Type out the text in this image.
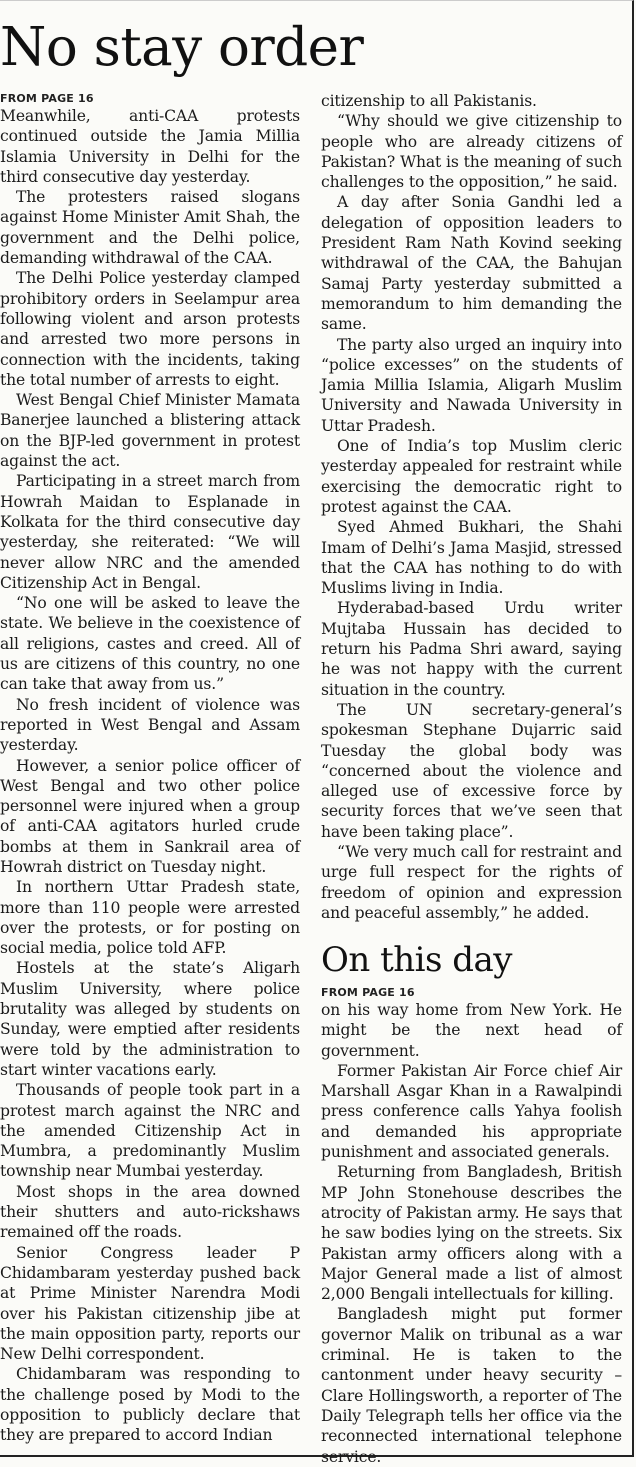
No stay order
FROM PAGE 16

Meanwhile, anti-CAA protests continued outside the Jamia Millia Islamia University in Delhi for the third consecutive day yesterday.

The protesters raised slogans against Home Minister Amit Shah, the government and the Delhi police, demanding withdrawal of the CAA.

The Delhi Police yesterday clamped prohibitory orders in Seelampur area following violent and arson protests and arrested two more persons in connection with the incidents, taking the total number of arrests to eight.

West Bengal Chief Minister Mamata Banerjee launched a blistering attack on the BJP-led government in protest against the act.

Participating in a street march from Howrah Maidan to Esplanade in Kolkata for the third consecutive day yesterday, she reiterated: “We will never allow NRC and the amended Citizenship Act in Bengal.

“No one will be asked to leave the state. We believe in the coexistence of all religions, castes and creed. All of us are citizens of this country, no one can take that away from us.”

No fresh incident of violence was reported in West Bengal and Assam yesterday.

However, a senior police officer of West Bengal and two other police personnel were injured when a group of anti-CAA agitators hurled crude bombs at them in Sankrail area of Howrah district on Tuesday night.

In northern Uttar Pradesh state, more than 110 people were arrested over the protests, or for posting on social media, police told AFP.

Hostels at the state’s Aligarh Muslim University, where police brutality was alleged by students on Sunday, were emptied after residents were told by the administration to start winter vacations early.

Thousands of people took part in a protest march against the NRC and the amended Citizenship Act in Mumbra, a predominantly Muslim township near Mumbai yesterday.

Most shops in the area downed their shutters and auto-rickshaws remained off the roads.

Senior Congress leader P Chidambaram yesterday pushed back at Prime Minister Narendra Modi over his Pakistan citizenship jibe at the main opposition party, reports our New Delhi correspondent.

Chidambaram was responding to the challenge posed by Modi to the opposition to publicly declare that they are prepared to accord Indian

citizenship to all Pakistanis.

“Why should we give citizenship to people who are already citizens of Pakistan? What is the meaning of such challenges to the opposition,” he said.

A day after Sonia Gandhi led a delegation of opposition leaders to President Ram Nath Kovind seeking withdrawal of the CAA, the Bahujan Samaj Party yesterday submitted a memorandum to him demanding the same.

The party also urged an inquiry into “police excesses” on the students of Jamia Millia Islamia, Aligarh Muslim University and Nawada University in Uttar Pradesh.

One of India’s top Muslim cleric yesterday appealed for restraint while exercising the democratic right to protest against the CAA.

Syed Ahmed Bukhari, the Shahi Imam of Delhi’s Jama Masjid, stressed that the CAA has nothing to do with Muslims living in India.

Hyderabad-based Urdu writer Mujtaba Hussain has decided to return his Padma Shri award, saying he was not happy with the current situation in the country.

The UN secretary-general’s spokesman Stephane Dujarric said Tuesday the global body was “concerned about the violence and alleged use of excessive force by security forces that we’ve seen that have been taking place”.

“We very much call for restraint and urge full respect for the rights of freedom of opinion and expression and peaceful assembly,” he added.

On this day
FROM PAGE 16

on his way home from New York. He might be the next head of government.

Former Pakistan Air Force chief Air Marshall Asgar Khan in a Rawalpindi press conference calls Yahya foolish and demanded his appropriate punishment and associated generals.

Returning from Bangladesh, British MP John Stonehouse describes the atrocity of Pakistan army. He says that he saw bodies lying on the streets. Six Pakistan army officers along with a Major General made a list of almost 2,000 Bengali intellectuals for killing.

Bangladesh might put former governor Malik on tribunal as a war criminal. He is taken to the cantonment under heavy security – Clare Hollingsworth, a reporter of The Daily Telegraph tells her office via the reconnected international telephone service.
